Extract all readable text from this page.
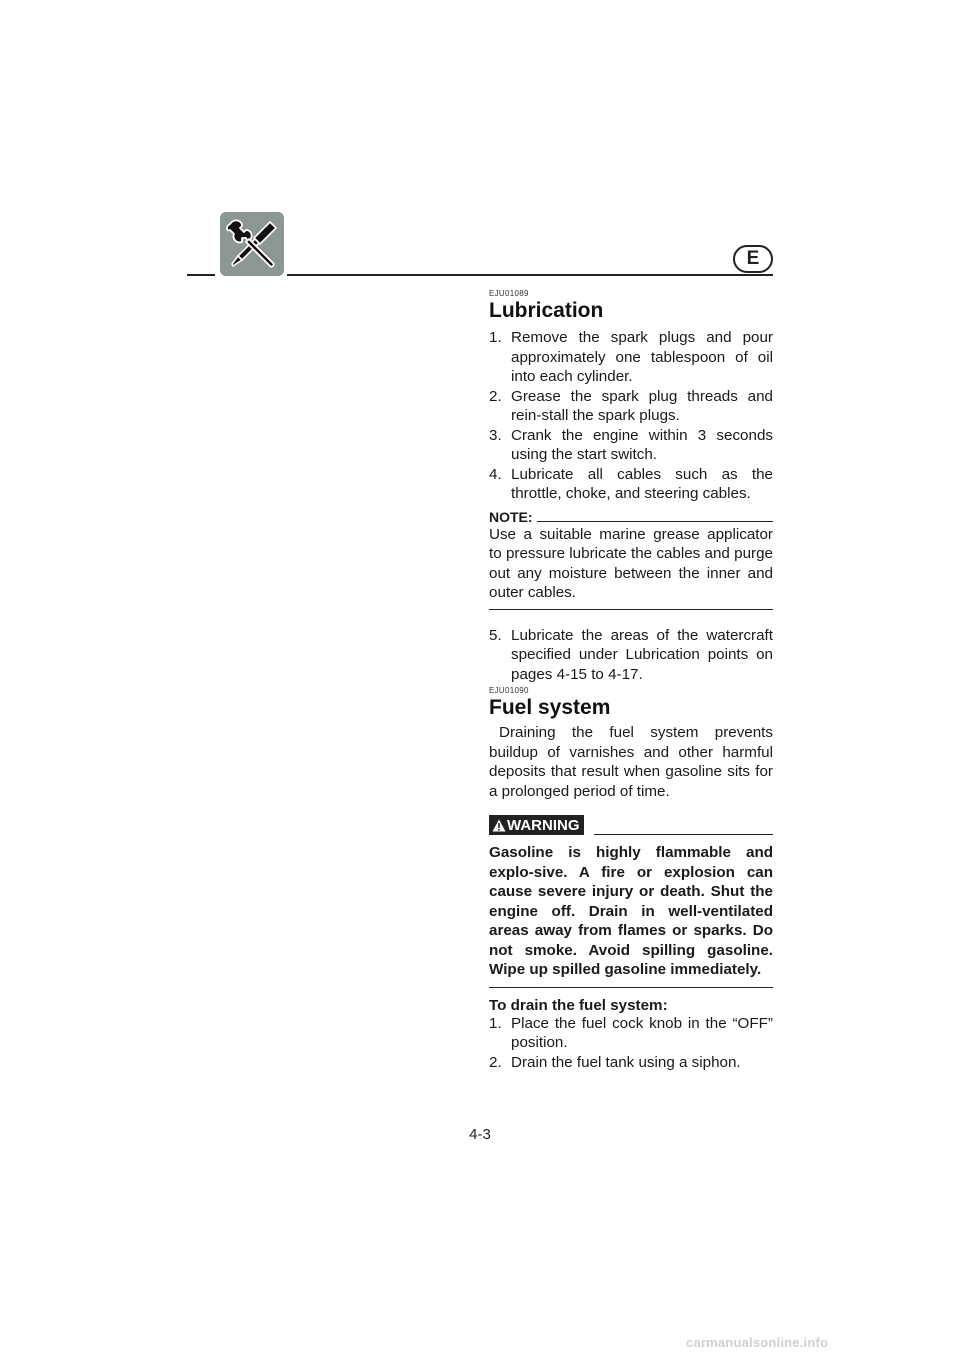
E
EJU01089
Lubrication
1. Remove the spark plugs and pour approximately one tablespoon of oil into each cylinder.
2. Grease the spark plug threads and rein-stall the spark plugs.
3. Crank the engine within 3 seconds using the start switch.
4. Lubricate all cables such as the throttle, choke, and steering cables.
NOTE:

Use a suitable marine grease applicator to pressure lubricate the cables and purge out any moisture between the inner and outer cables.

5. Lubricate the areas of the watercraft specified under Lubrication points on pages 4-15 to 4-17.
EJU01090
Fuel system

Draining the fuel system prevents buildup of varnishes and other harmful deposits that result when gasoline sits for a prolonged period of time.

WARNING

Gasoline is highly flammable and explo-sive. A fire or explosion can cause severe injury or death. Shut the engine off. Drain in well-ventilated areas away from flames or sparks. Do not smoke. Avoid spilling gasoline. Wipe up spilled gasoline immediately.

To drain the fuel system:

1. Place the fuel cock knob in the “OFF” position.
2. Drain the fuel tank using a siphon.
4-3
carmanualsonline.info
